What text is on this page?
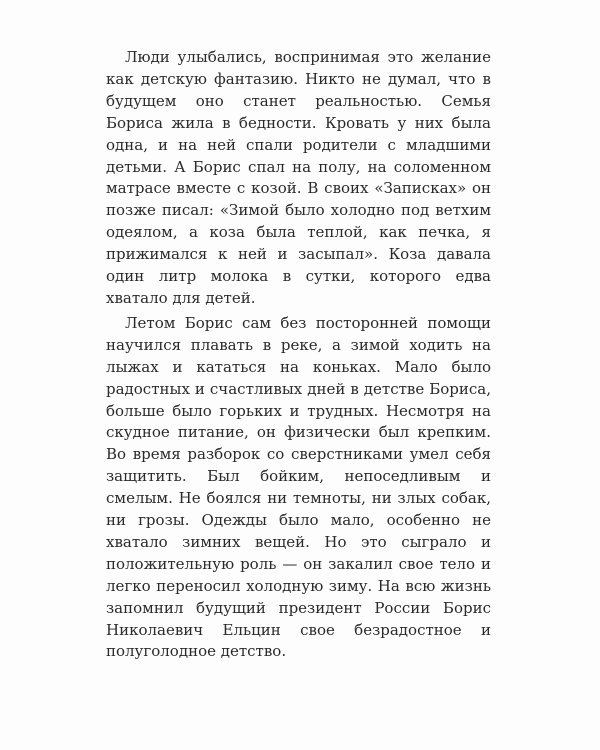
Люди улыбались, воспринимая это желание как детскую фантазию. Никто не думал, что в будущем оно станет реальностью. Семья Бориса жила в бедности. Кровать у них была одна, и на ней спали родители с младшими детьми. А Борис спал на полу, на соломенном матрасе вместе с козой. В своих «Записках» он позже писал: «Зимой было холодно под ветхим одеялом, а коза была теплой, как печка, я прижимался к ней и засыпал». Коза давала один литр молока в сутки, которого едва хватало для детей.

Летом Борис сам без посторонней помощи научился плавать в реке, а зимой ходить на лыжах и кататься на коньках. Мало было радостных и счастливых дней в детстве Бориса, больше было горьких и трудных. Несмотря на скудное питание, он физически был крепким. Во время разборок со сверстниками умел себя защитить. Был бойким, непоседливым и смелым. Не боялся ни темноты, ни злых собак, ни грозы. Одежды было мало, особенно не хватало зимних вещей. Но это сыграло и положительную роль — он закалил свое тело и легко переносил холодную зиму. На всю жизнь запомнил будущий президент России Борис Николаевич Ельцин свое безрадостное и полуголодное детство.
